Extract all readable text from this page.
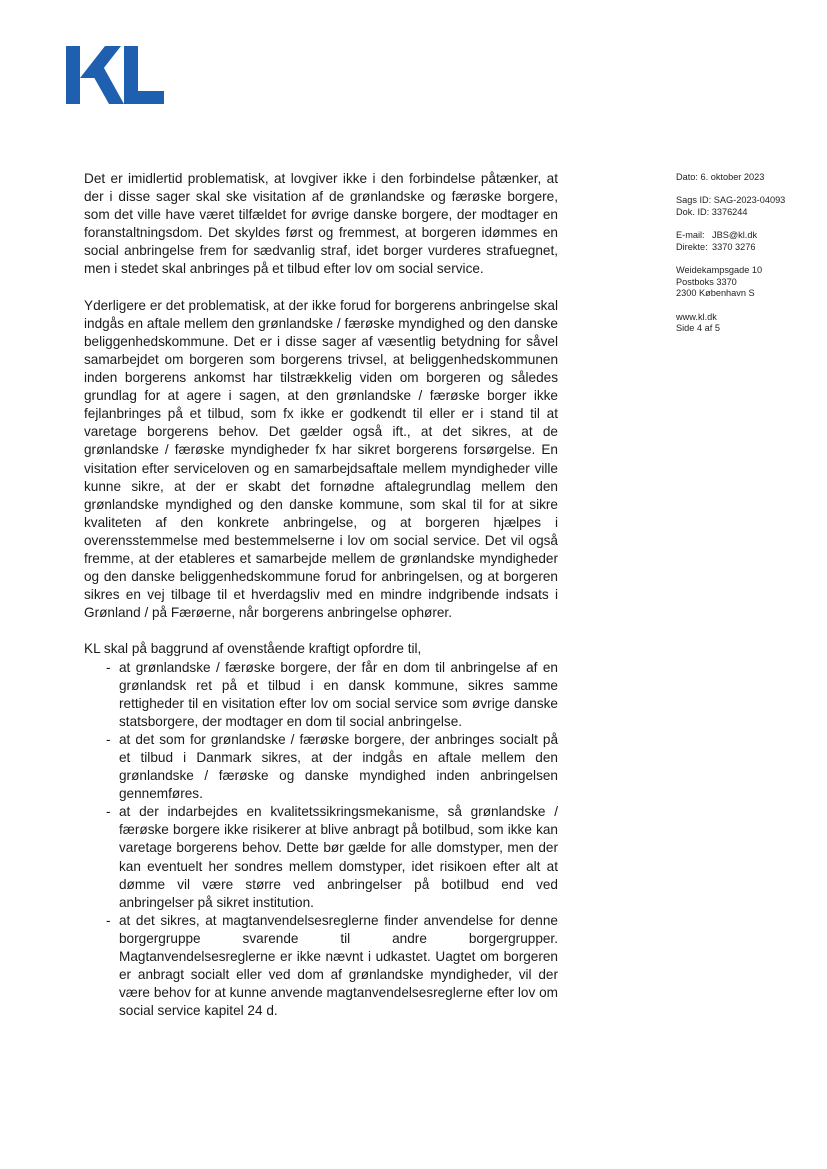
Dato: 6. oktober 2023
Sags ID: SAG-2023-04093
Dok. ID: 3376244
E-mail: JBS@kl.dk
Direkte: 3370 3276
Weidekampsgade 10
Postboks 3370
2300 København S
www.kl.dk
Side 4 af 5

Det er imidlertid problematisk, at lovgiver ikke i den forbindelse påtænker, at der i disse sager skal ske visitation af de grønlandske og færøske borgere, som det ville have været tilfældet for øvrige danske borgere, der modtager en foranstaltningsdom. Det skyldes først og fremmest, at borgeren idømmes en social anbringelse frem for sædvanlig straf, idet borger vurderes strafuegnet, men i stedet skal anbringes på et tilbud efter lov om social service.

Yderligere er det problematisk, at der ikke forud for borgerens anbringelse skal indgås en aftale mellem den grønlandske / færøske myndighed og den danske beliggenhedskommune. Det er i disse sager af væsentlig betydning for såvel samarbejdet om borgeren som borgerens trivsel, at beliggenhedskommunen inden borgerens ankomst har tilstrækkelig viden om borgeren og således grundlag for at agere i sagen, at den grønlandske / færøske borger ikke fejlanbringes på et tilbud, som fx ikke er godkendt til eller er i stand til at varetage borgerens behov. Det gælder også ift., at det sikres, at de grønlandske / færøske myndigheder fx har sikret borgerens forsørgelse. En visitation efter serviceloven og en samarbejdsaftale mellem myndigheder ville kunne sikre, at der er skabt det fornødne aftalegrundlag mellem den grønlandske myndighed og den danske kommune, som skal til for at sikre kvaliteten af den konkrete anbringelse, og at borgeren hjælpes i overensstemmelse med bestemmelserne i lov om social service. Det vil også fremme, at der etableres et samarbejde mellem de grønlandske myndigheder og den danske beliggenhedskommune forud for anbringelsen, og at borgeren sikres en vej tilbage til et hverdagsliv med en mindre indgribende indsats i Grønland / på Færøerne, når borgerens anbringelse ophører.

KL skal på baggrund af ovenstående kraftigt opfordre til,

- at grønlandske / færøske borgere, der får en dom til anbringelse af en grønlandsk ret på et tilbud i en dansk kommune, sikres samme rettigheder til en visitation efter lov om social service som øvrige danske statsborgere, der modtager en dom til social anbringelse.
- at det som for grønlandske / færøske borgere, der anbringes socialt på et tilbud i Danmark sikres, at der indgås en aftale mellem den grønlandske / færøske og danske myndighed inden anbringelsen gennemføres.
- at der indarbejdes en kvalitetssikringsmekanisme, så grønlandske / færøske borgere ikke risikerer at blive anbragt på botilbud, som ikke kan varetage borgerens behov. Dette bør gælde for alle domstyper, men der kan eventuelt her sondres mellem domstyper, idet risikoen efter alt at dømme vil være større ved anbringelser på botilbud end ved anbringelser på sikret institution.
- at det sikres, at magtanvendelsesreglerne finder anvendelse for denne borgergruppe svarende til andre borgergrupper. Magtanvendelsesreglerne er ikke nævnt i udkastet. Uagtet om borgeren er anbragt socialt eller ved dom af grønlandske myndigheder, vil der være behov for at kunne anvende magtanvendelsesreglerne efter lov om social service kapitel 24 d.
